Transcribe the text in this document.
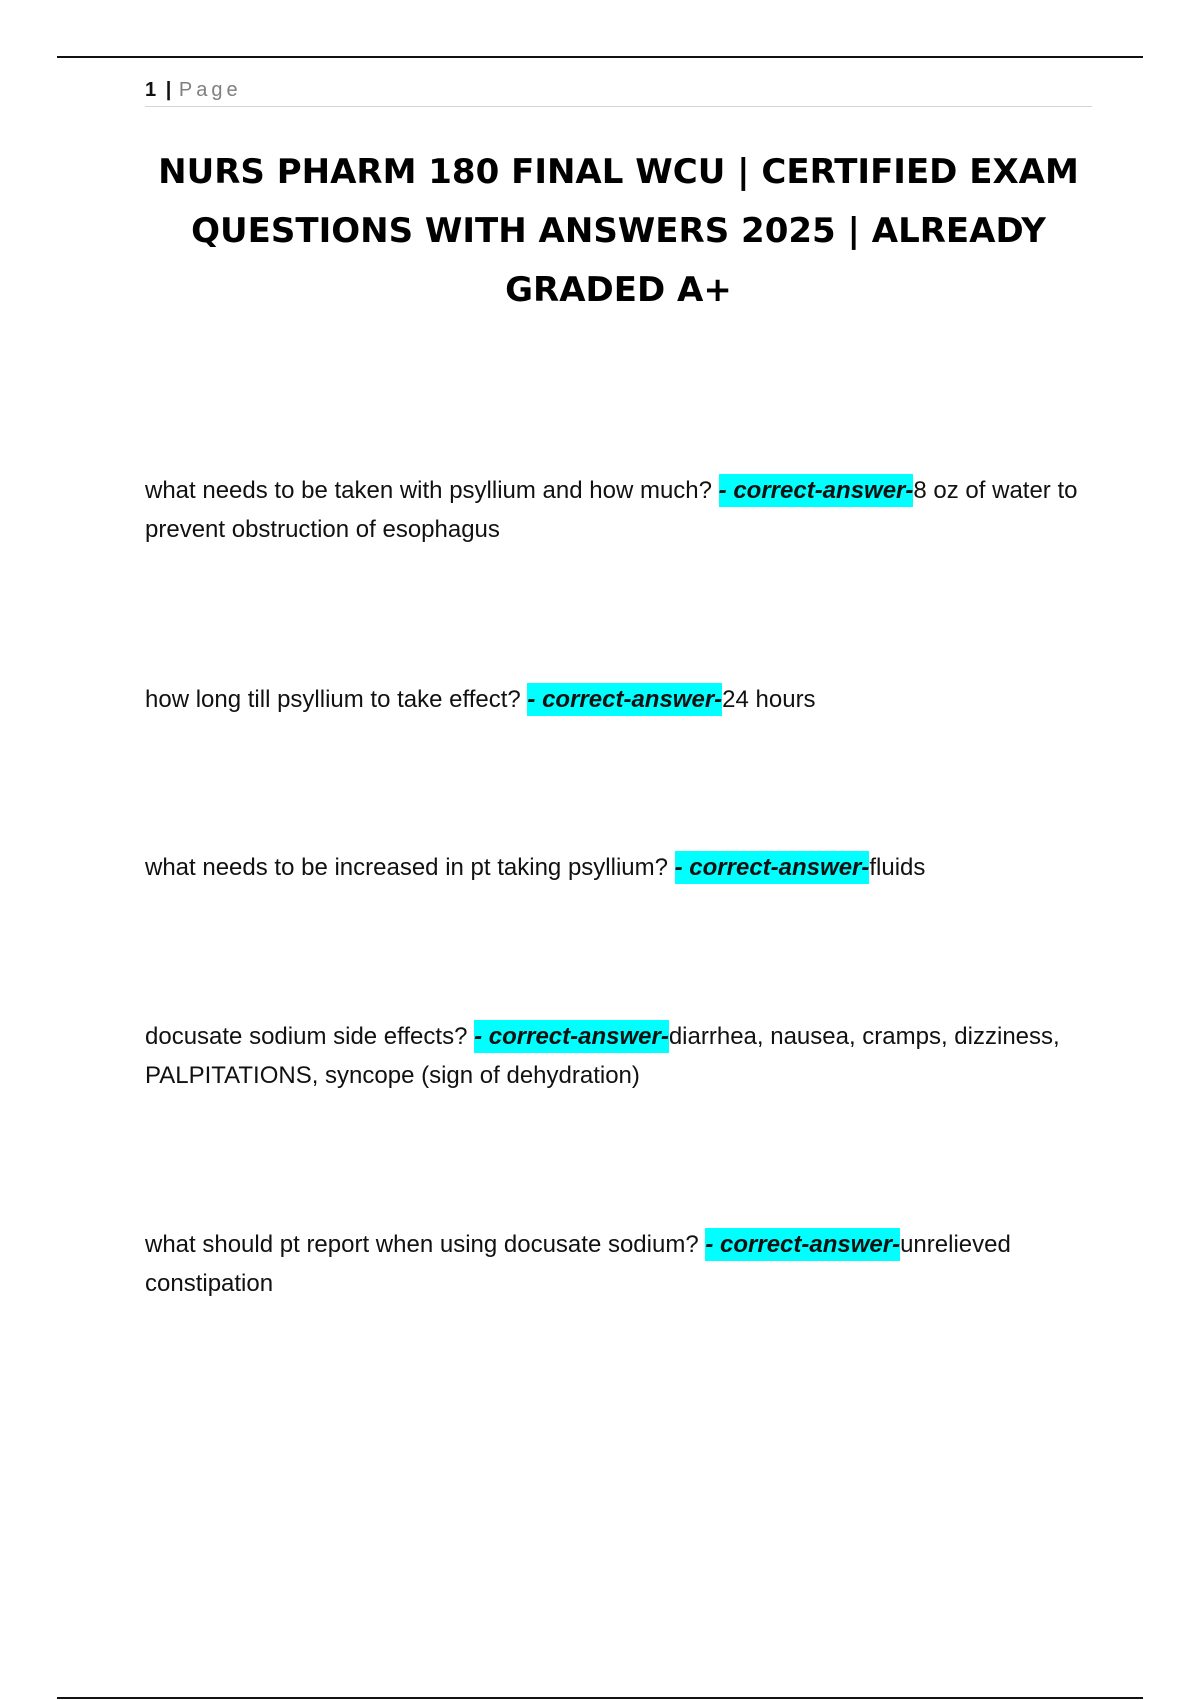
1 | Page
NURS PHARM 180 FINAL WCU | CERTIFIED EXAM QUESTIONS WITH ANSWERS 2025 | ALREADY GRADED A+
what needs to be taken with psyllium and how much? - correct-answer-8 oz of water to prevent obstruction of esophagus
how long till psyllium to take effect? - correct-answer-24 hours
what needs to be increased in pt taking psyllium? - correct-answer-fluids
docusate sodium side effects? - correct-answer-diarrhea, nausea, cramps, dizziness, PALPITATIONS, syncope (sign of dehydration)
what should pt report when using docusate sodium? - correct-answer-unrelieved constipation
